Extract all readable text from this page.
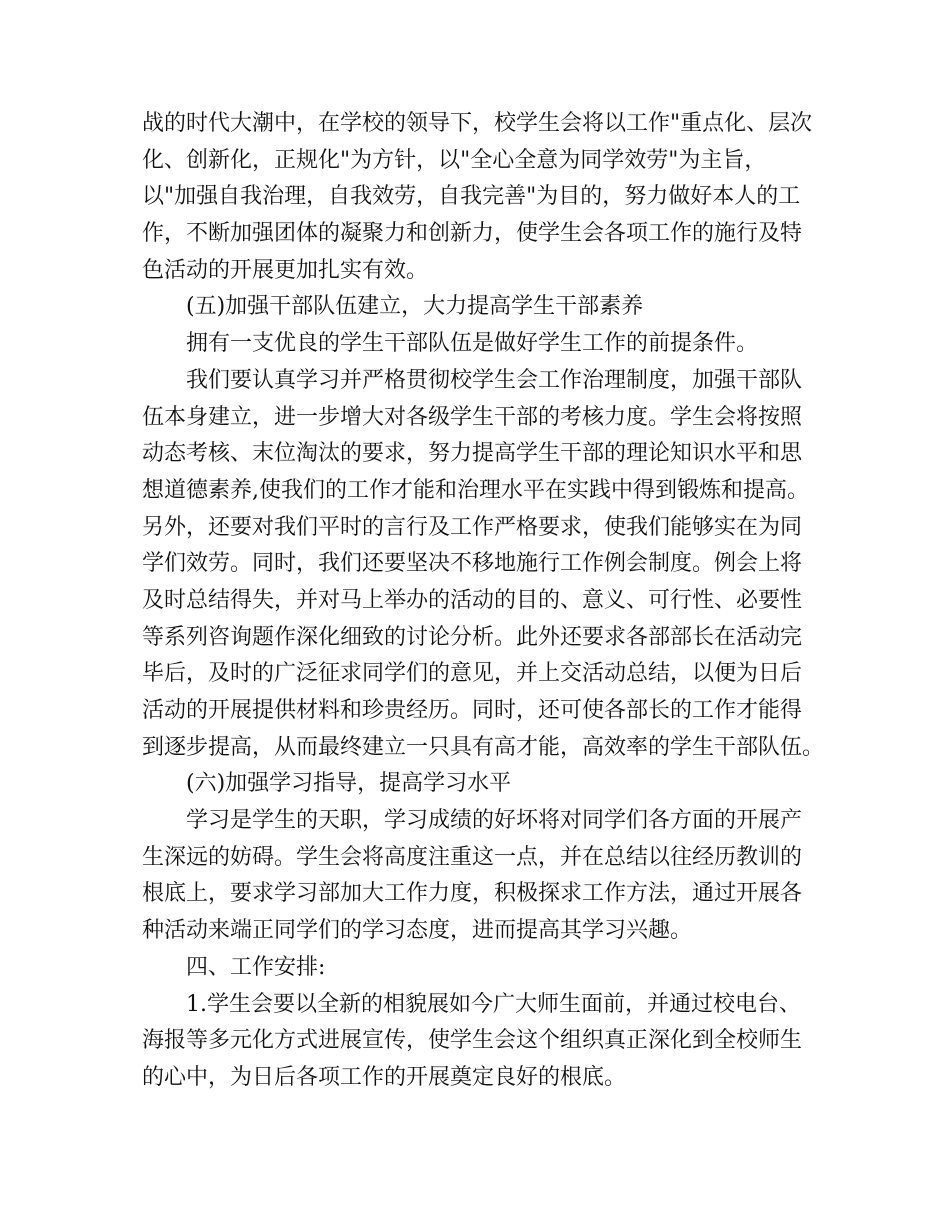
战的时代大潮中，在学校的领导下，校学生会将以工作"重点化、层次
化、创新化，正规化"为方针，以"全心全意为同学效劳"为主旨，
以"加强自我治理，自我效劳，自我完善"为目的，努力做好本人的工
作，不断加强团体的凝聚力和创新力，使学生会各项工作的施行及特
色活动的开展更加扎实有效。
(五)加强干部队伍建立，大力提高学生干部素养
拥有一支优良的学生干部队伍是做好学生工作的前提条件。
我们要认真学习并严格贯彻校学生会工作治理制度，加强干部队
伍本身建立，进一步增大对各级学生干部的考核力度。学生会将按照
动态考核、末位淘汰的要求，努力提高学生干部的理论知识水平和思
想道德素养,使我们的工作才能和治理水平在实践中得到锻炼和提高。
另外，还要对我们平时的言行及工作严格要求，使我们能够实在为同
学们效劳。同时，我们还要坚决不移地施行工作例会制度。例会上将
及时总结得失，并对马上举办的活动的目的、意义、可行性、必要性
等系列咨询题作深化细致的讨论分析。此外还要求各部部长在活动完
毕后，及时的广泛征求同学们的意见，并上交活动总结，以便为日后
活动的开展提供材料和珍贵经历。同时，还可使各部长的工作才能得
到逐步提高，从而最终建立一只具有高才能，高效率的学生干部队伍。
(六)加强学习指导，提高学习水平
学习是学生的天职，学习成绩的好坏将对同学们各方面的开展产
生深远的妨碍。学生会将高度注重这一点，并在总结以往经历教训的
根底上，要求学习部加大工作力度，积极探求工作方法，通过开展各
种活动来端正同学们的学习态度，进而提高其学习兴趣。
四、工作安排:
1.学生会要以全新的相貌展如今广大师生面前，并通过校电台、
海报等多元化方式进展宣传，使学生会这个组织真正深化到全校师生
的心中，为日后各项工作的开展奠定良好的根底。
